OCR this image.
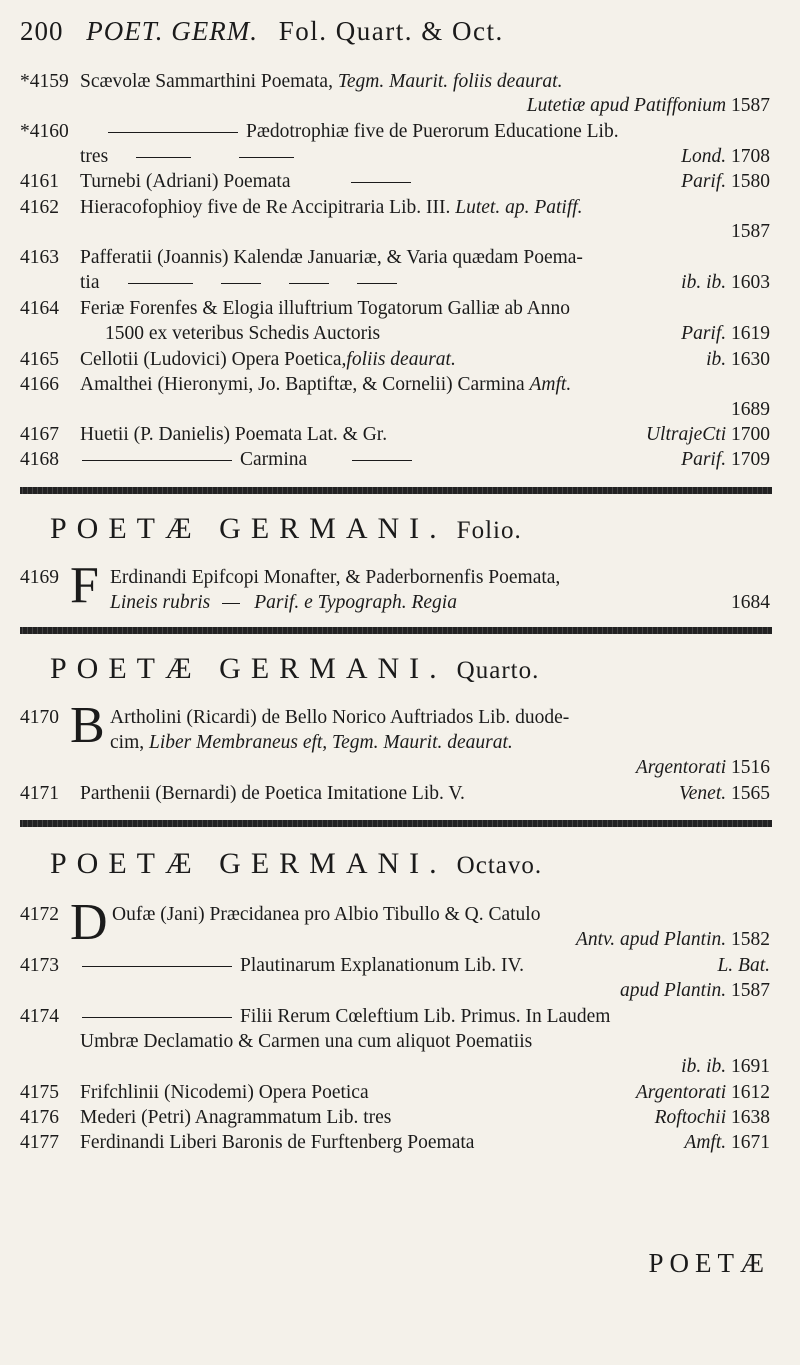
200 POET. GERM. Fol. Quart. & Oct.
*4159 Scævolæ Sammarthini Poemata, Tegm. Maurit. foliis deaurat.
Lutetiæ apud Patiffonium 1587
*4160	Pædotrophiæ five de Puerorum Educatione Lib.
tres	Lond. 1708
4161 Turnebi (Adriani) Poemata	Parif. 1580
4162 Hieracofophioy five de Re Accipitraria Lib. III. Lutet. ap. Patiff.
1587
4163 Pafferatii (Joannis) Kalendæ Januariæ, & Varia quædam Poema-
tia	ib. ib. 1603
4164 Feriæ Forenfes & Elogia illuftrium Togatorum Galliæ ab Anno
1500 ex veteribus Schedis Auctoris	Parif. 1619
4165 Cellotii (Ludovici) Opera Poetica,foliis deaurat.	ib. 1630
4166 Amalthei (Hieronymi, Jo. Baptiftæ, & Cornelii) Carmina Amft.
1689
4167 Huetii (P. Danielis) Poemata Lat. & Gr.	UltrajeCti 1700
4168	Carmina	Parif. 1709
POETÆ GERMANI. Folio.
4169 F Erdinandi Epifcopi Monafter, & Paderbornenfis Poemata,
Lineis rubris Parif. e Typograph. Regia	1684
POETÆ GERMANI. Quarto.
4170 B Artholini (Ricardi) de Bello Norico Auftriados Lib. duode-
cim, Liber Membraneus eft, Tegm. Maurit. deaurat.
Argentorati 1516
4171 Parthenii (Bernardi) de Poetica Imitatione Lib. V.	Venet. 1565
POETÆ GERMANI. Octavo.
4172 D Oufæ (Jani) Præcidanea pro Albio Tibullo & Q. Catulo
Antv. apud Plantin. 1582
4173	Plautinarum Explanationum Lib. IV.	L. Bat.
apud Plantin. 1587
4174	Filii Rerum Cœleftium Lib. Primus. In Laudem
Umbræ Declamatio & Carmen una cum aliquot Poematiis
ib. ib. 1691
4175 Frifchlinii (Nicodemi) Opera Poetica	Argentorati 1612
4176 Mederi (Petri) Anagrammatum Lib. tres	Roftochii 1638
4177 Ferdinandi Liberi Baronis de Furftenberg Poemata	Amft. 1671
POETÆ
